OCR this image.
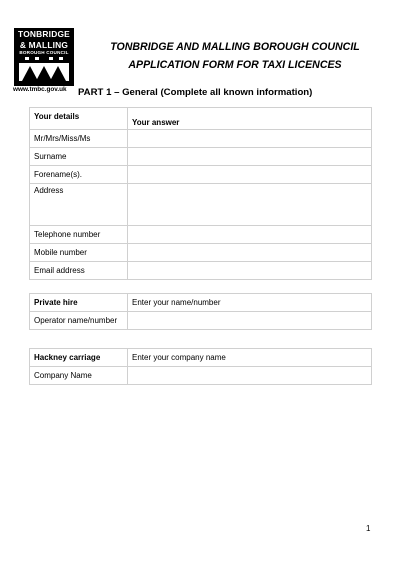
TONBRIDGE
& MALLING
BOROUGH COUNCIL
www.tmbc.gov.uk
TONBRIDGE AND MALLING BOROUGH COUNCIL
APPLICATION FORM FOR TAXI LICENCES
PART 1 – General (Complete all known information)
Your details	Your answer
Mr/Mrs/Miss/Ms	
Surname	
Forename(s).	
Address	
Telephone number	
Mobile number	
Email address	
Private hire	Enter your name/number
Operator name/number	
Hackney carriage	Enter your company name
Company Name	
1
